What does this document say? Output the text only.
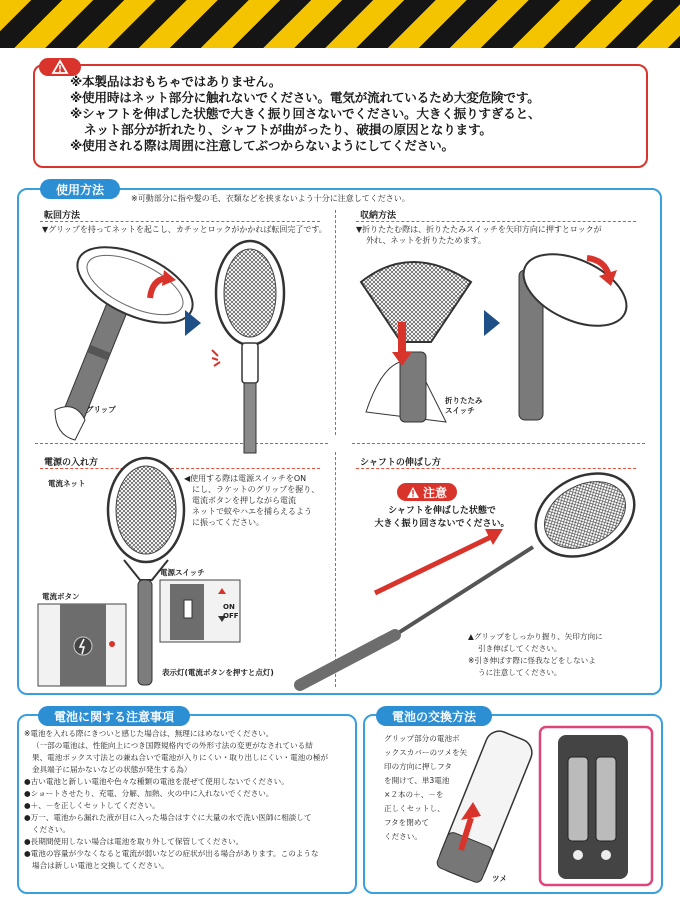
※本製品はおもちゃではありません。

※使用時はネット部分に触れないでください。電気が流れているため大変危険です。

※シャフトを伸ばした状態で大きく振り回さないでください。大きく振りすぎると、

ネット部分が折れたり、シャフトが曲がったり、破損の原因となります。

※使用される際は周囲に注意してぶつからないようにしてください。

使用方法
※可動部分に指や髪の毛、衣類などを挟まないよう十分に注意してください。
転回方法
▼グリップを持ってネットを起こし、カチッとロックがかかれば転回完了です。
グリップ
収納方法

▼折りたたむ際は、折りたたみスイッチを矢印方向に押すとロックが

外れ、ネットを折りたためます。

折りたたみ

スイッチ

電源の入れ方
電流ネット

◀使用する際は電源スイッチをON

にし、ラケットのグリップを握り、

電流ボタンを押しながら電流

ネットで蚊やハエを捕らえるよう

に振ってください。

電源スイッチ

ON

OFF

電流ボタン
表示灯(電流ボタンを押すと点灯)
シャフトの伸ばし方
注意

シャフトを伸ばした状態で

大きく振り回さないでください。

▲グリップをしっかり握り、矢印方向に

引き伸ばしてください。

※引き伸ばす際に怪我などをしないよ

うに注意してください。

電池に関する注意事項

※電池を入れる際にきついと感じた場合は、無理にはめないでください。

（一部の電池は、性能向上につき国際規格内での外形寸法の変更がなされている結

果、電池ボックス寸法との兼ね合いで電池が入りにくい・取り出しにくい・電池の極が

金具端子に届かないなどの状態が発生する為）

●古い電池と新しい電池や色々な種類の電池を混ぜて使用しないでください。

●ショートさせたり、充電、分解、加熱、火の中に入れないでください。

●＋、－を正しくセットしてください。

●万一、電池から漏れた液が目に入った場合はすぐに大量の水で洗い医師に相談して

ください。

●長期間使用しない場合は電池を取り外して保管してください。

●電池の容量が少なくなると電流が弱いなどの症状が出る場合があります。このような

場合は新しい電池と交換してください。

電池の交換方法

グリップ部分の電池ボ

ックスカバーのツメを矢

印の方向に押しフタ

を開けて、単3電池

×２本の＋、－を

正しくセットし、

フタを閉めて

ください。

ツメ
